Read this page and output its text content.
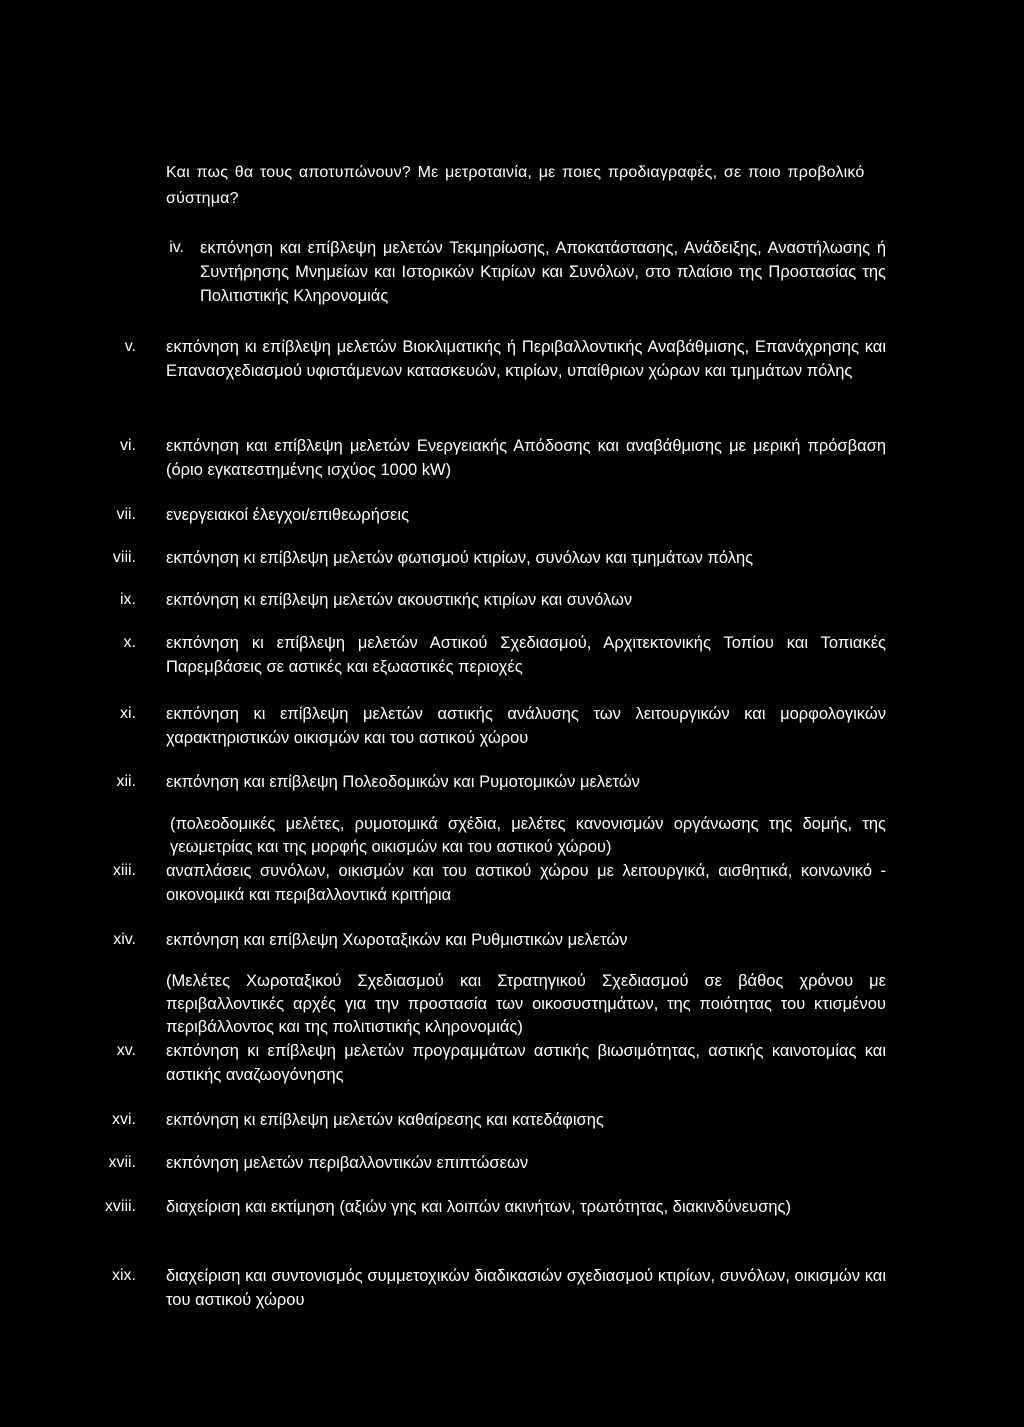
Και πως θα τους αποτυπώνουν? Με μετροταινία, με ποιες προδιαγραφές, σε ποιο προβολικό σύστημα?
iv. εκπόνηση και επίβλεψη μελετών Τεκμηρίωσης, Αποκατάστασης, Ανάδειξης, Αναστήλωσης ή Συντήρησης Μνημείων και Ιστορικών Κτιρίων και Συνόλων, στο πλαίσιο της Προστασίας της Πολιτιστικής Κληρονομιάς
v. εκπόνηση κι επίβλεψη μελετών Βιοκλιματικής ή Περιβαλλοντικής Αναβάθμισης, Επανάχρησης και Επανασχεδιασμού υφιστάμενων κατασκευών, κτιρίων, υπαίθριων χώρων και τμημάτων πόλης
vi. εκπόνηση και επίβλεψη μελετών Ενεργειακής Απόδοσης και αναβάθμισης με μερική πρόσβαση (όριο εγκατεστημένης ισχύος 1000 kW)
vii. ενεργειακοί έλεγχοι/επιθεωρήσεις
viii. εκπόνηση κι επίβλεψη μελετών φωτισμού κτιρίων, συνόλων και τμημάτων πόλης
ix. εκπόνηση κι επίβλεψη μελετών ακουστικής κτιρίων και συνόλων
x. εκπόνηση κι επίβλεψη μελετών Αστικού Σχεδιασμού, Αρχιτεκτονικής Τοπίου και Τοπιακές Παρεμβάσεις σε αστικές και εξωαστικές περιοχές
xi. εκπόνηση κι επίβλεψη μελετών αστικής ανάλυσης των λειτουργικών και μορφολογικών χαρακτηριστικών οικισμών και του αστικού χώρου
xii. εκπόνηση και επίβλεψη Πολεοδομικών και Ρυμοτομικών μελετών
(πολεοδομικές μελέτες, ρυμοτομικά σχέδια, μελέτες κανονισμών οργάνωσης της δομής, της γεωμετρίας και της μορφής οικισμών και του αστικού χώρου)
xiii. αναπλάσεις συνόλων, οικισμών και του αστικού χώρου με λειτουργικά, αισθητικά, κοινωνικό - οικονομικά και περιβαλλοντικά κριτήρια
xiv. εκπόνηση και επίβλεψη Χωροταξικών και Ρυθμιστικών μελετών
(Μελέτες Χωροταξικού Σχεδιασμού και Στρατηγικού Σχεδιασμού σε βάθος χρόνου με περιβαλλοντικές αρχές για την προστασία των οικοσυστημάτων, της ποιότητας του κτισμένου περιβάλλοντος και της πολιτιστικής κληρονομιάς)
xv. εκπόνηση κι επίβλεψη μελετών προγραμμάτων αστικής βιωσιμότητας, αστικής καινοτομίας και αστικής αναζωογόνησης
xvi. εκπόνηση κι επίβλεψη μελετών καθαίρεσης και κατεδάφισης
xvii. εκπόνηση μελετών περιβαλλοντικών επιπτώσεων
xviii. διαχείριση και εκτίμηση (αξιών γης και λοιπών ακινήτων, τρωτότητας, διακινδύνευσης)
xix. διαχείριση και συντονισμός συμμετοχικών διαδικασιών σχεδιασμού κτιρίων, συνόλων, οικισμών και του αστικού χώρου
